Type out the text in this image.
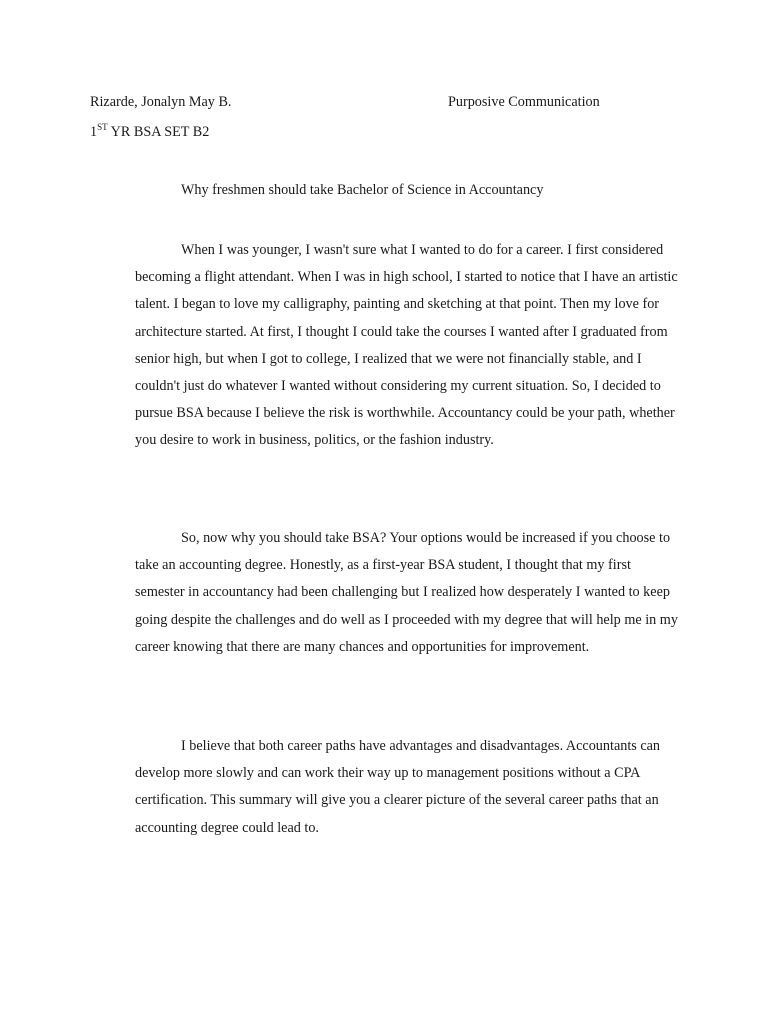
Rizarde, Jonalyn May B.	Purposive Communication

1ST YR BSA SET B2

Why freshmen should take Bachelor of Science in Accountancy

When I was younger, I wasn't sure what I wanted to do for a career. I first considered becoming a flight attendant. When I was in high school, I started to notice that I have an artistic talent. I began to love my calligraphy, painting and sketching at that point. Then my love for architecture started. At first, I thought I could take the courses I wanted after I graduated from senior high, but when I got to college, I realized that we were not financially stable, and I couldn't just do whatever I wanted without considering my current situation. So, I decided to pursue BSA because I believe the risk is worthwhile. Accountancy could be your path, whether you desire to work in business, politics, or the fashion industry.

So, now why you should take BSA? Your options would be increased if you choose to take an accounting degree. Honestly, as a first-year BSA student, I thought that my first semester in accountancy had been challenging but I realized how desperately I wanted to keep going despite the challenges and do well as I proceeded with my degree that will help me in my career knowing that there are many chances and opportunities for improvement.

I believe that both career paths have advantages and disadvantages. Accountants can develop more slowly and can work their way up to management positions without a CPA certification. This summary will give you a clearer picture of the several career paths that an accounting degree could lead to.
